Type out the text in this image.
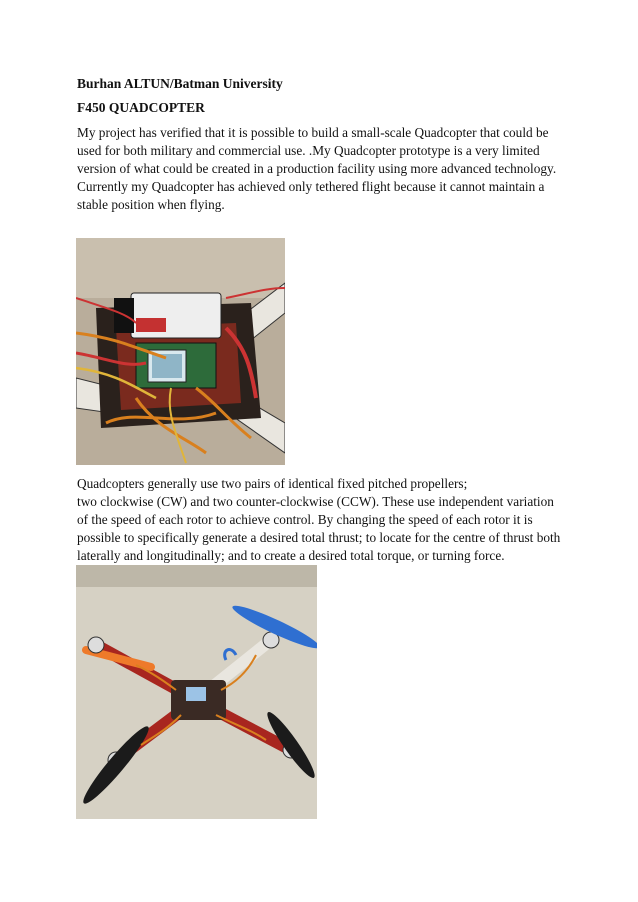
Burhan ALTUN/Batman University
F450 QUADCOPTER
My project has verified that it is possible to build a small-scale Quadcopter that could be used for both military and commercial use. .My Quadcopter prototype is a very limited version of what could be created in a production facility using more advanced technology. Currently my Quadcopter has achieved only tethered flight because it cannot maintain a stable position when flying.
Quadcopters generally use two pairs of identical fixed pitched propellers;
two clockwise (CW) and two counter-clockwise (CCW). These use independent variation of the speed of each rotor to achieve control. By changing the speed of each rotor it is possible to specifically generate a desired total thrust; to locate for the centre of thrust both laterally and longitudinally; and to create a desired total torque, or turning force.
